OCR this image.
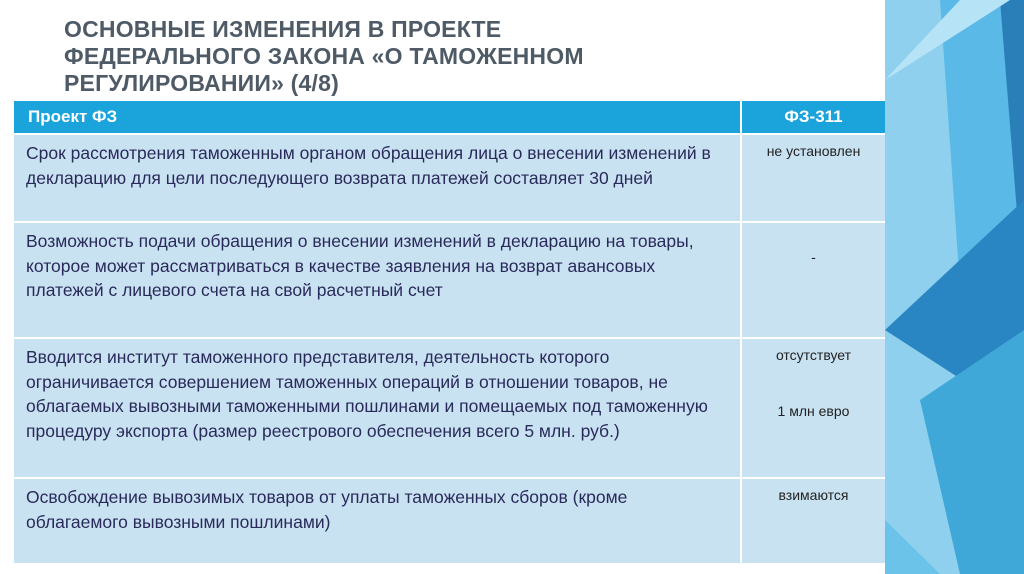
ОСНОВНЫЕ ИЗМЕНЕНИЯ В ПРОЕКТЕ
ФЕДЕРАЛЬНОГО ЗАКОНА «О ТАМОЖЕННОМ
РЕГУЛИРОВАНИИ» (4/8)
Проект ФЗ	ФЗ-311
Срок рассмотрения таможенным органом обращения лица о внесении изменений в декларацию для цели последующего возврата платежей составляет 30 дней	не установлен
Возможность подачи обращения о внесении изменений в декларацию на товары, которое может рассматриваться в качестве заявления на возврат авансовых платежей с лицевого счета на свой расчетный счет	-

Вводится институт таможенного представителя, деятельность которого ограничивается совершением таможенных операций в отношении товаров, не облагаемых вывозными таможенными пошлинами и помещаемых под таможенную процедуру экспорта (размер реестрового обеспечения всего 5 млн. руб.)	отсутствует
1 млн евро

Освобождение вывозимых товаров от уплаты таможенных сборов (кроме облагаемого вывозными пошлинами)	взимаются
